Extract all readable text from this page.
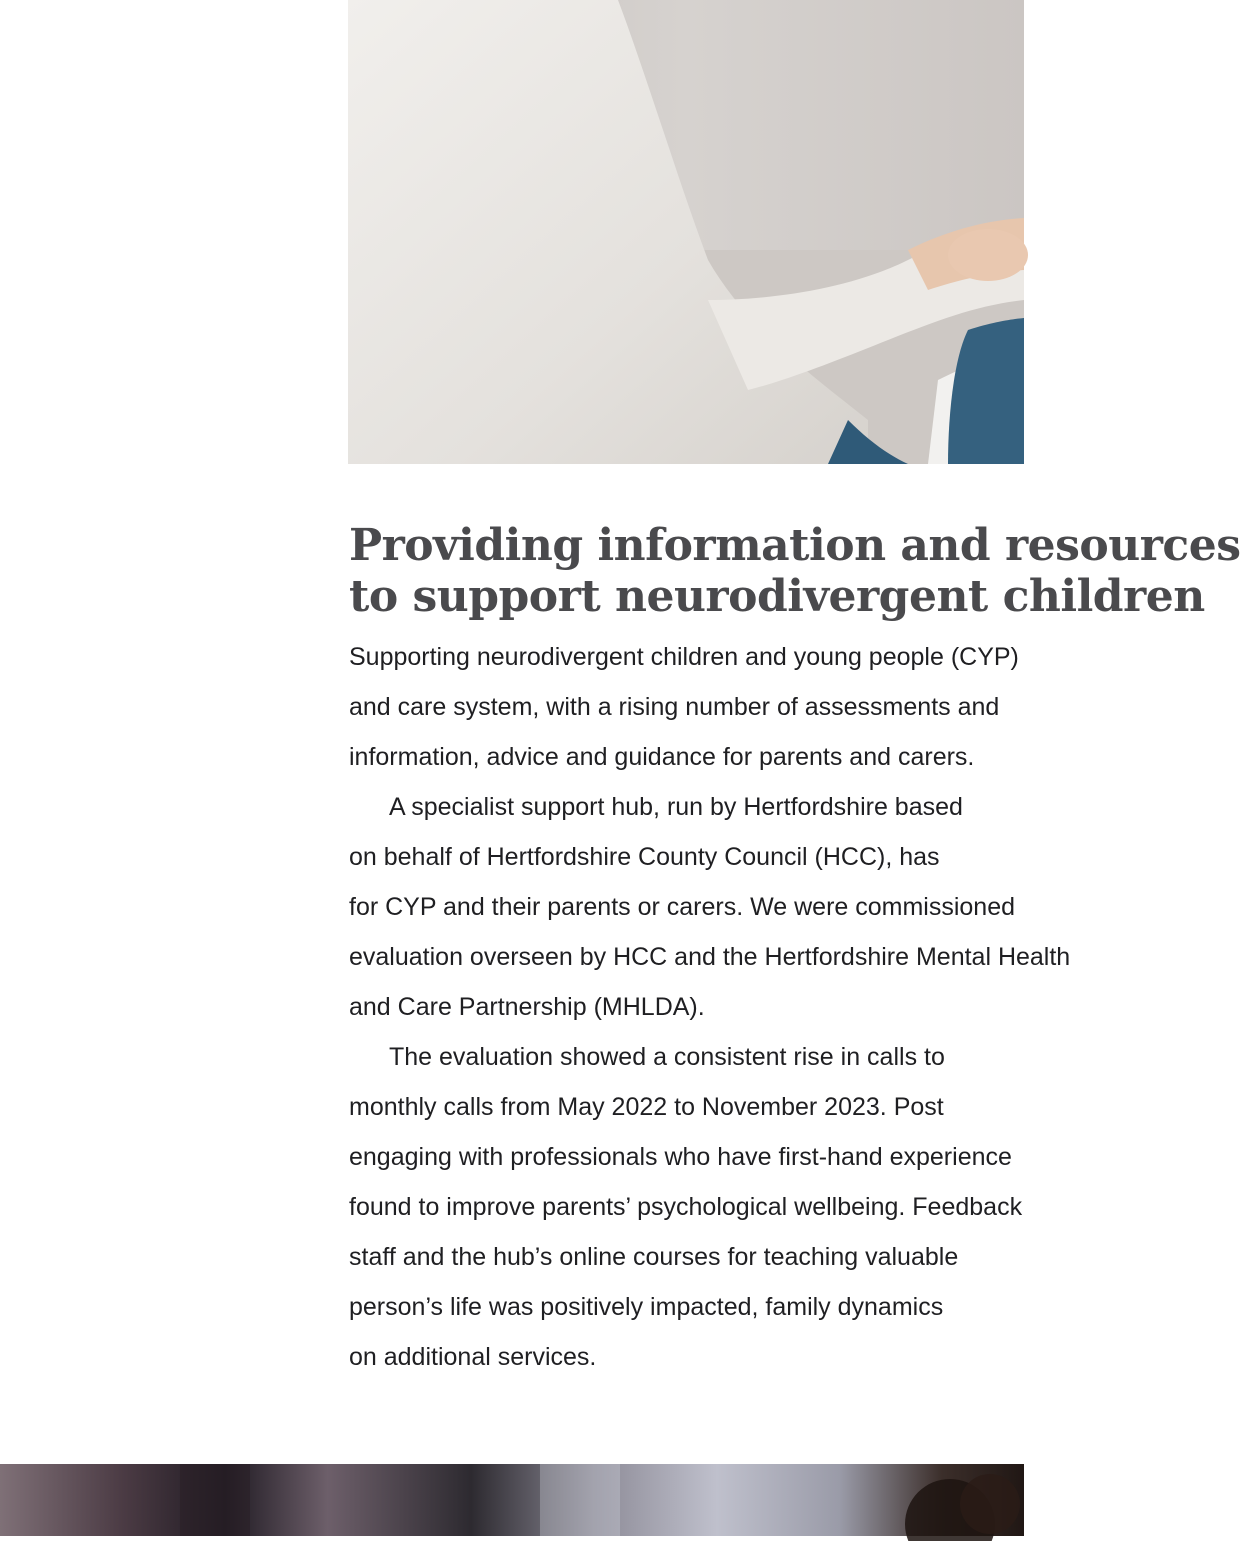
Providing information and resources
to support neurodivergent children
Supporting neurodivergent children and young people (CYP)
and care system, with a rising number of assessments and
information, advice and guidance for parents and carers.
A specialist support hub, run by Hertfordshire based
on behalf of Hertfordshire County Council (HCC), has
for CYP and their parents or carers. We were commissioned
evaluation overseen by HCC and the Hertfordshire Mental Health
and Care Partnership (MHLDA).
The evaluation showed a consistent rise in calls to
monthly calls from May 2022 to November 2023. Post
engaging with professionals who have first-hand experience
found to improve parents’ psychological wellbeing. Feedback
staff and the hub’s online courses for teaching valuable
person’s life was positively impacted, family dynamics
on additional services.
